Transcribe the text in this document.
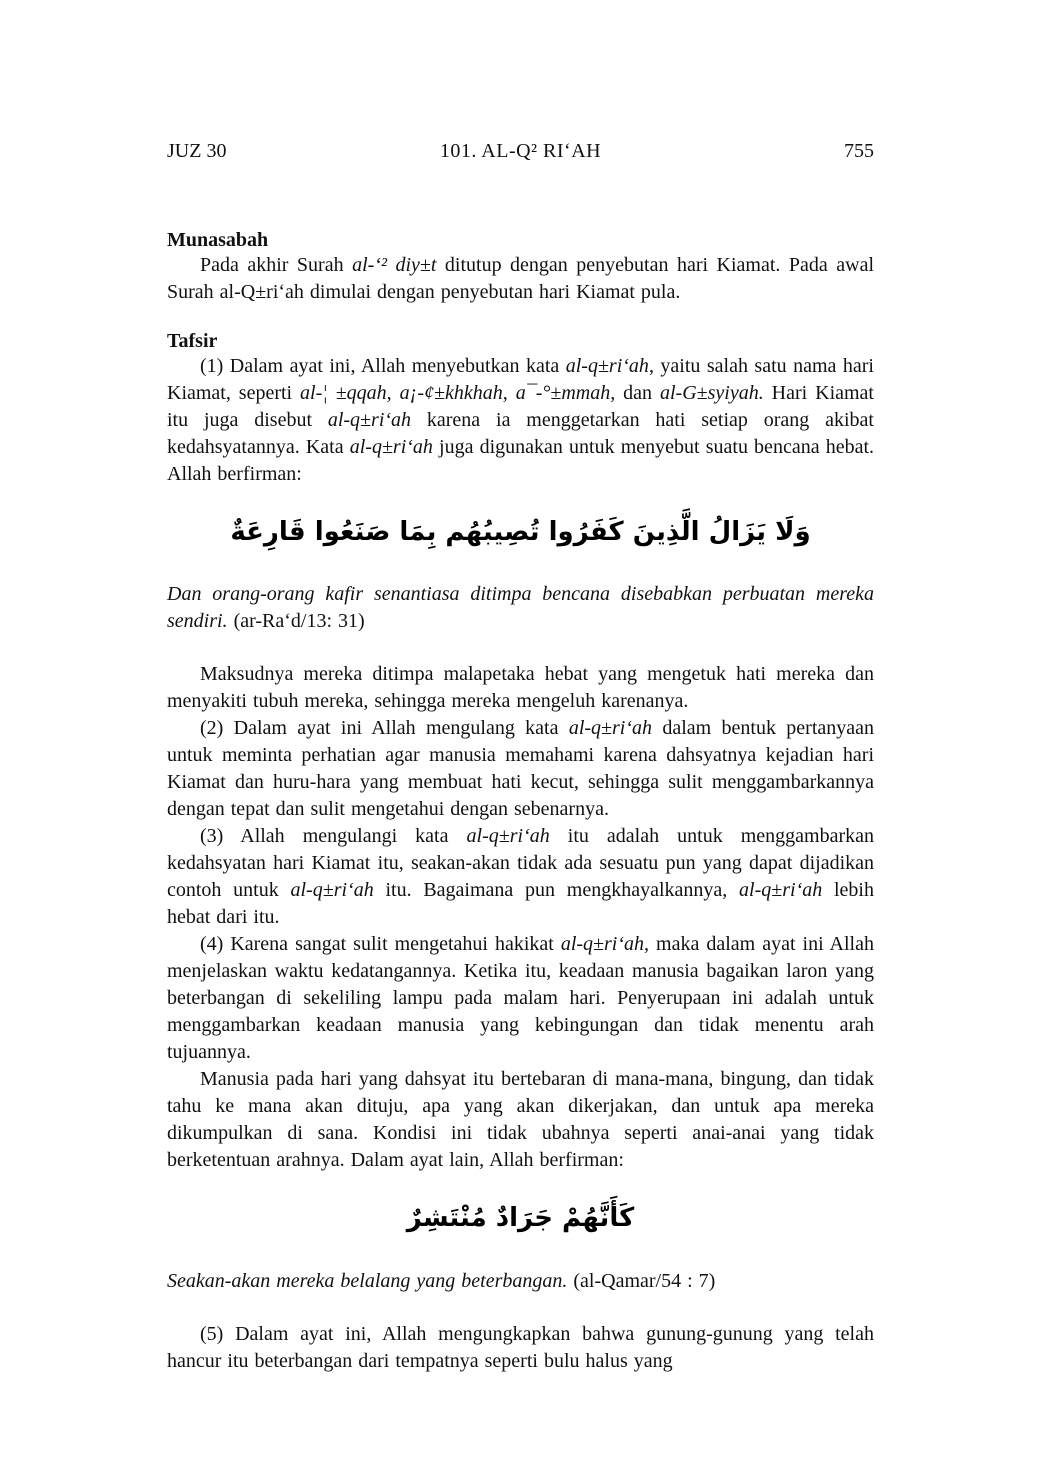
JUZ 30	101. AL-Q² RI‘AH	755
Munasabah

Pada akhir Surah al-‘² diy±t ditutup dengan penyebutan hari Kiamat. Pada awal Surah al-Q±ri‘ah dimulai dengan penyebutan hari Kiamat pula.

Tafsir

(1) Dalam ayat ini, Allah menyebutkan kata al-q±ri‘ah, yaitu salah satu nama hari Kiamat, seperti al-¦ ±qqah, a¡-¢±khkhah, a¯-°±mmah, dan al-G±syiyah. Hari Kiamat itu juga disebut al-q±ri‘ah karena ia menggetarkan hati setiap orang akibat kedahsyatannya. Kata al-q±ri‘ah juga digunakan untuk menyebut suatu bencana hebat. Allah berfirman:

وَلَا يَزَالُ الَّذِينَ كَفَرُوا تُصِيبُهُم بِمَا صَنَعُوا قَارِعَةٌ

Dan orang-orang kafir senantiasa ditimpa bencana disebabkan perbuatan mereka sendiri. (ar-Ra‘d/13: 31)

Maksudnya mereka ditimpa malapetaka hebat yang mengetuk hati mereka dan menyakiti tubuh mereka, sehingga mereka mengeluh karenanya.

(2) Dalam ayat ini Allah mengulang kata al-q±ri‘ah dalam bentuk pertanyaan untuk meminta perhatian agar manusia memahami karena dahsyatnya kejadian hari Kiamat dan huru-hara yang membuat hati kecut, sehingga sulit menggambarkannya dengan tepat dan sulit mengetahui dengan sebenarnya.

(3) Allah mengulangi kata al-q±ri‘ah itu adalah untuk menggambarkan kedahsyatan hari Kiamat itu, seakan-akan tidak ada sesuatu pun yang dapat dijadikan contoh untuk al-q±ri‘ah itu. Bagaimana pun mengkhayalkannya, al-q±ri‘ah lebih hebat dari itu.

(4) Karena sangat sulit mengetahui hakikat al-q±ri‘ah, maka dalam ayat ini Allah menjelaskan waktu kedatangannya. Ketika itu, keadaan manusia bagaikan laron yang beterbangan di sekeliling lampu pada malam hari. Penyerupaan ini adalah untuk menggambarkan keadaan manusia yang kebingungan dan tidak menentu arah tujuannya.

Manusia pada hari yang dahsyat itu bertebaran di mana-mana, bingung, dan tidak tahu ke mana akan dituju, apa yang akan dikerjakan, dan untuk apa mereka dikumpulkan di sana. Kondisi ini tidak ubahnya seperti anai-anai yang tidak berketentuan arahnya. Dalam ayat lain, Allah berfirman:

كَأَنَّهُمْ جَرَادٌ مُنْتَشِرٌ

Seakan-akan mereka belalang yang beterbangan. (al-Qamar/54 : 7)

(5) Dalam ayat ini, Allah mengungkapkan bahwa gunung-gunung yang telah hancur itu beterbangan dari tempatnya seperti bulu halus yang
